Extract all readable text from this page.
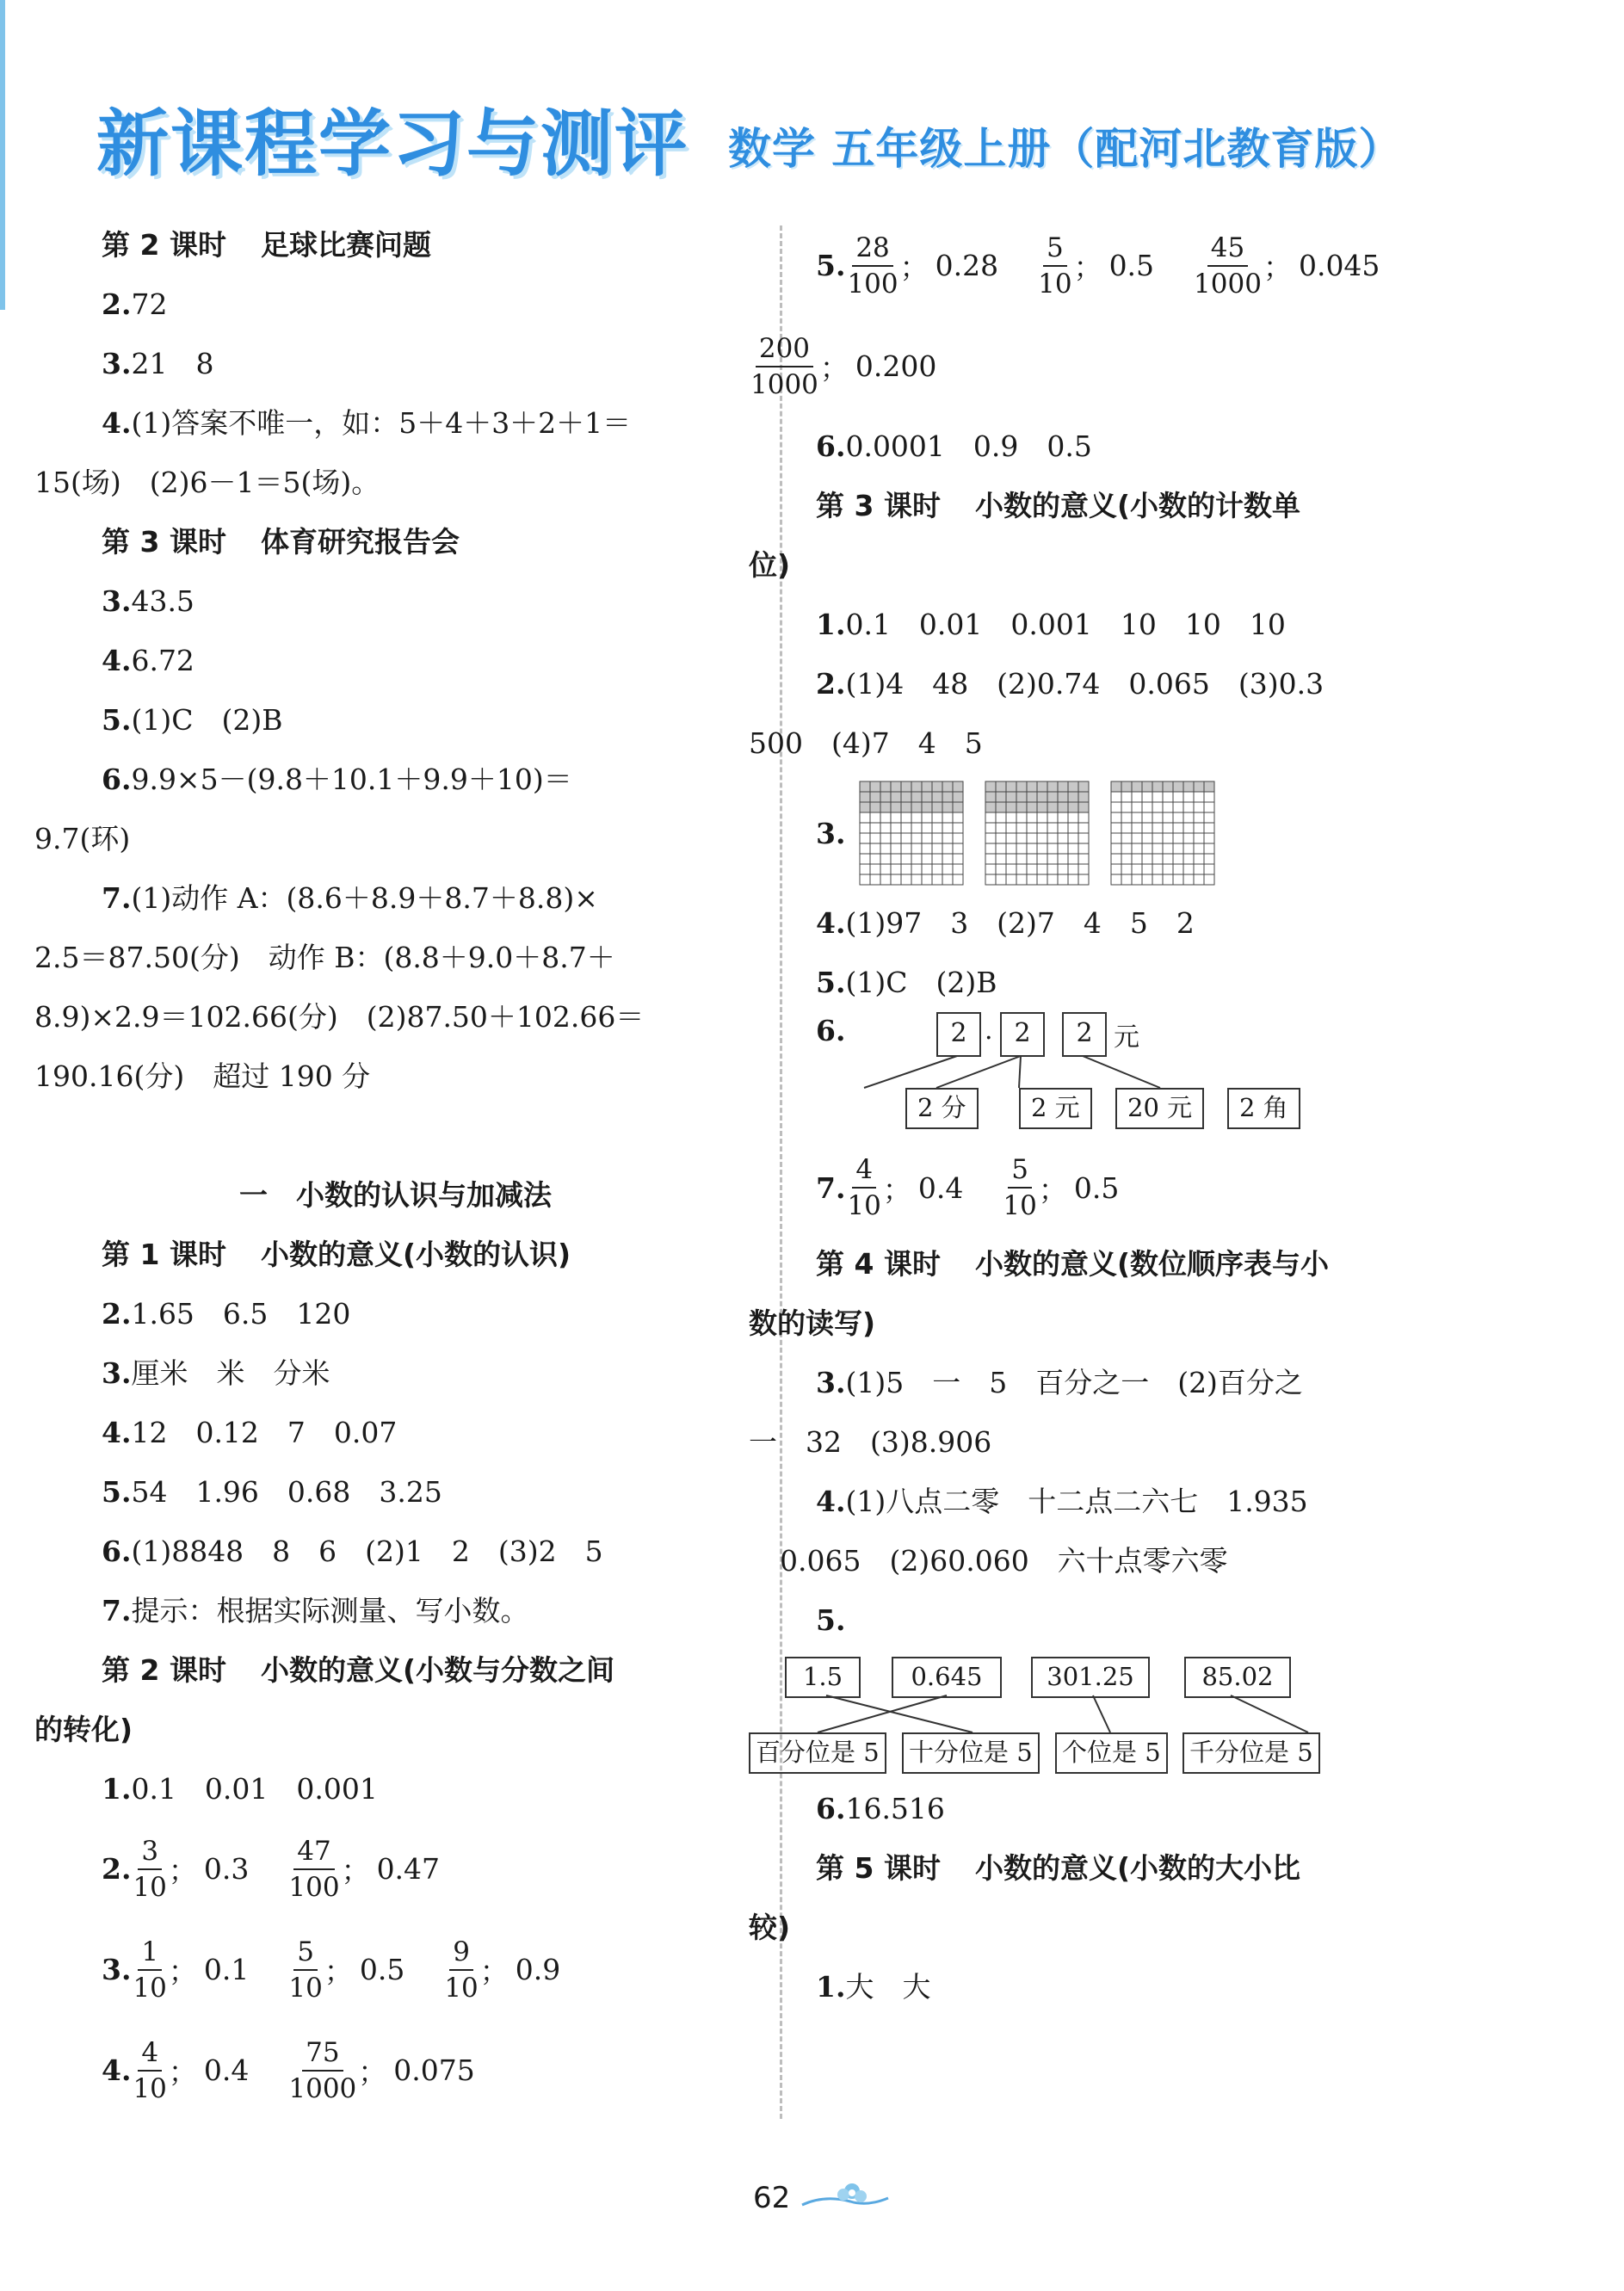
新课程学习与测评 数学 五年级上册（配河北教育版）
第 2 课时 足球比赛问题
2.72
3.21　8
4.(1)答案不唯一，如：5＋4＋3＋2＋1＝
15(场)　(2)6－1＝5(场)。
第 3 课时 体育研究报告会
3.43.5
4.6.72
5.(1)C　(2)B
6.9.9×5－(9.8＋10.1＋9.9＋10)＝
9.7(环)
7.(1)动作 A：(8.6＋8.9＋8.7＋8.8)×
2.5＝87.50(分)　动作 B：(8.8＋9.0＋8.7＋
8.9)×2.9＝102.66(分)　(2)87.50＋102.66＝
190.16(分)　超过 190 分
一　小数的认识与加减法
第 1 课时 小数的意义(小数的认识)
2.1.65　6.5　120
3.厘米　米　分米
4.12　0.12　7　0.07
5.54　1.96　0.68　3.25
6.(1)8848　8　6　(2)1　2　(3)2　5
7.提示：根据实际测量、写小数。
第 2 课时 小数的意义(小数与分数之间
的转化)
1.0.1　0.01　0.001
2. $\frac{3}{10}$ ； $0.3 \frac{47}{100}$ ； 0.47
3. $\frac{1}{10}$ ； $0.1 \frac{5}{10}$ ； $0.5 \frac{9}{10}$ ； 0.9
4. $\frac{4}{10}$ ； $0.4 \frac{75}{1000}$ ； 0.075
5. $\frac{28}{100}$ ； $0.28 \frac{5}{10}$ ； $0.5 \frac{45}{1000}$ ； 0.045
$\frac{200}{1000}$ ； 0.200
6.0.0001　0.9　0.5
第 3 课时 小数的意义(小数的计数单
位)
1.0.1　0.01　0.001　10　10　10
2.(1)4　48　(2)0.74　0.065　(3)0.3
500　(4)7　4　5
3.
4.(1)97　3　(2)7　4　5　2
5.(1)C　(2)B
6.	2 . 2	2 元
2 分	2 元	20 元	2 角
7. $\frac{4}{10}$ ； $0.4 \frac{5}{10}$ ； 0.5
第 4 课时 小数的意义(数位顺序表与小
数的读写)
3.(1)5　一　5　百分之一　(2)百分之
一　32　(3)8.906
4.(1)八点二零　十二点二六七　1.935
0.065　(2)60.060　六十点零六零
5.
1.5	0.645	301.25	85.02
百分位是 5 十分位是 5 个位是 5 千分位是 5
6.16.516
第 5 课时 小数的意义(小数的大小比
较)
1.大　大
62
